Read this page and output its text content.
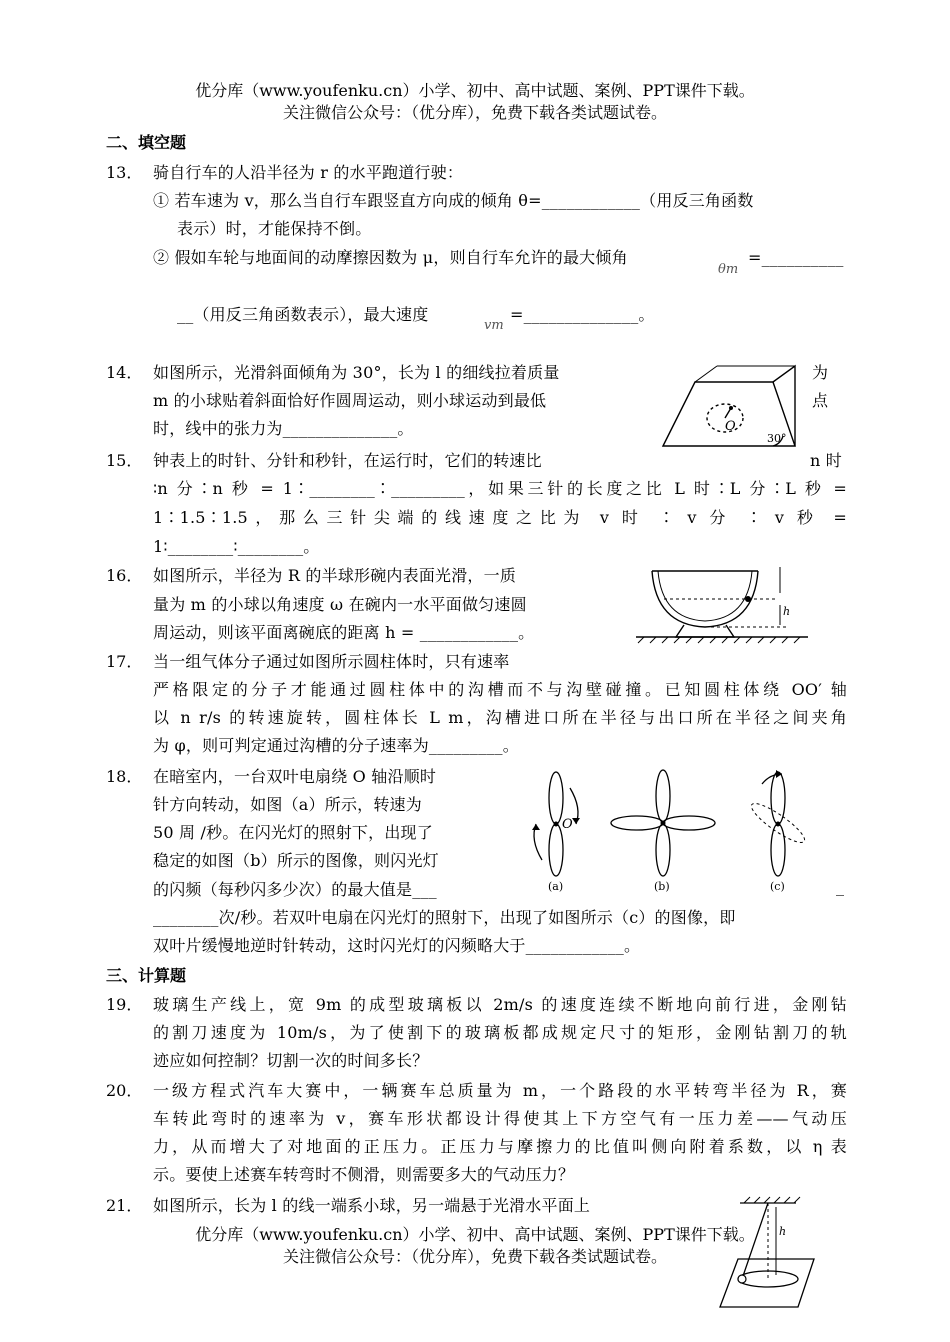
优分库（www.youfenku.cn）小学、初中、高中试题、案例、PPT课件下载。
关注微信公众号：（优分库），免费下载各类试题试卷。
二、填空题
13． 骑自行车的人沿半径为 r 的水平跑道行驶：
① 若车速为 v，那么当自行车跟竖直方向成的倾角 θ=____________（用反三角函数
表示）时，才能保持不倒。
② 假如车轮与地面间的动摩擦因数为 μ，则自行车允许的最大倾角
θm
=__________
__（用反三角函数表示），最大速度
vm
=______________。
14． 如图所示，光滑斜面倾角为 30°，长为 l 的细线拉着质量	为
m 的小球贴着斜面恰好作圆周运动，则小球运动到最低	点
时，线中的张力为______________。	O
30°
15． 钟表上的时针、分针和秒针，在运行时，它们的转速比	n 时
∶n 分∶n 秒 = 1∶________∶_________，如果三针的长度之比 L 时∶L 分∶L 秒 =
1∶1.5∶1.5，那么三针尖端的线速度之比为 v 时 ∶ v 分 ∶ v 秒 =
1∶________∶________。
16． 如图所示，半径为 R 的半球形碗内表面光滑，一质
量为 m 的小球以角速度 ω 在碗内一水平面做匀速圆
周运动，则该平面离碗底的距离 h = ____________。
h
17． 当一组气体分子通过如图所示圆柱体时，只有速率
严格限定的分子才能通过圆柱体中的沟槽而不与沟壁碰撞。已知圆柱体绕 OO′ 轴
以 n r/s 的转速旋转，圆柱体长 L m，沟槽进口所在半径与出口所在半径之间夹角
为 φ，则可判定通过沟槽的分子速率为_________。
18． 在暗室内，一台双叶电扇绕 O 轴沿顺时
针方向转动，如图（a）所示，转速为
50 周 /秒。在闪光灯的照射下，出现了
稳定的如图（b）所示的图像，则闪光灯
的闪频（每秒闪多少次）的最大值是___	_
________次/秒。若双叶电扇在闪光灯的照射下，出现了如图所示（c）的图像，即
双叶片缓慢地逆时针转动，这时闪光灯的闪频略大于____________。
O
(a)	(b)	(c)
三、计算题
19． 玻璃生产线上，宽 9m 的成型玻璃板以 2m/s 的速度连续不断地向前行进，金刚钻
的割刀速度为 10m/s，为了使割下的玻璃板都成规定尺寸的矩形，金刚钻割刀的轨
迹应如何控制？切割一次的时间多长？
20． 一级方程式汽车大赛中，一辆赛车总质量为 m，一个路段的水平转弯半径为 R，赛
车转此弯时的速率为 v，赛车形状都设计得使其上下方空气有一压力差——气动压
力，从而增大了对地面的正压力。正压力与摩擦力的比值叫侧向附着系数，以 η 表
示。要使上述赛车转弯时不侧滑，则需要多大的气动压力？
21． 如图所示，长为 l 的线一端系小球，另一端悬于光滑水平面上
h
优分库（www.youfenku.cn）小学、初中、高中试题、案例、PPT课件下载。
关注微信公众号：（优分库），免费下载各类试题试卷。
